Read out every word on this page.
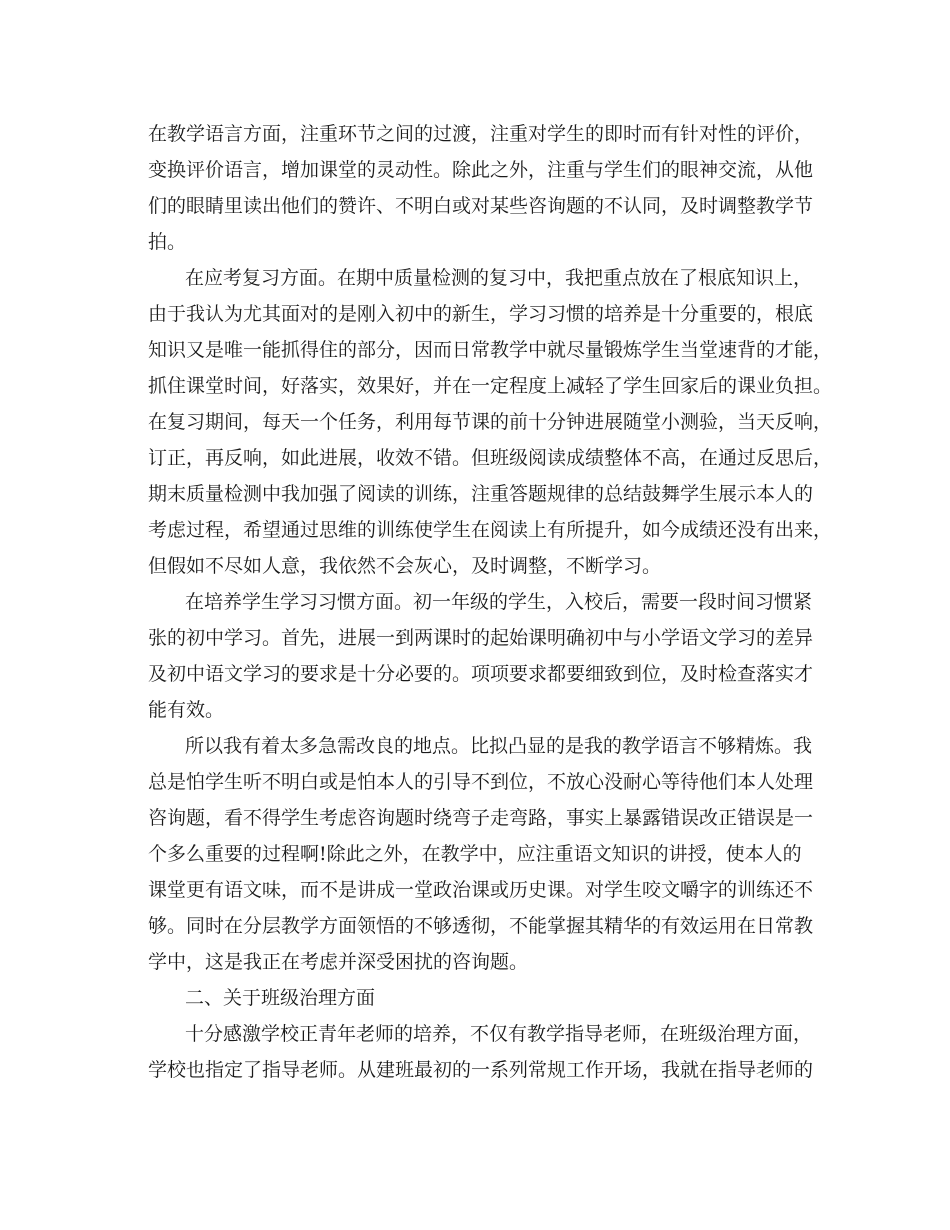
在教学语言方面，注重环节之间的过渡，注重对学生的即时而有针对性的评价，
变换评价语言，增加课堂的灵动性。除此之外，注重与学生们的眼神交流，从他
们的眼睛里读出他们的赞许、不明白或对某些咨询题的不认同，及时调整教学节
拍。
在应考复习方面。在期中质量检测的复习中，我把重点放在了根底知识上，
由于我认为尤其面对的是刚入初中的新生，学习习惯的培养是十分重要的，根底
知识又是唯一能抓得住的部分，因而日常教学中就尽量锻炼学生当堂速背的才能，
抓住课堂时间，好落实，效果好，并在一定程度上减轻了学生回家后的课业负担。
在复习期间，每天一个任务，利用每节课的前十分钟进展随堂小测验，当天反响，
订正，再反响，如此进展，收效不错。但班级阅读成绩整体不高，在通过反思后，
期末质量检测中我加强了阅读的训练，注重答题规律的总结鼓舞学生展示本人的
考虑过程，希望通过思维的训练使学生在阅读上有所提升，如今成绩还没有出来，
但假如不尽如人意，我依然不会灰心，及时调整，不断学习。
在培养学生学习习惯方面。初一年级的学生，入校后，需要一段时间习惯紧
张的初中学习。首先，进展一到两课时的起始课明确初中与小学语文学习的差异
及初中语文学习的要求是十分必要的。项项要求都要细致到位，及时检查落实才
能有效。
所以我有着太多急需改良的地点。比拟凸显的是我的教学语言不够精炼。我
总是怕学生听不明白或是怕本人的引导不到位，不放心没耐心等待他们本人处理
咨询题，看不得学生考虑咨询题时绕弯子走弯路，事实上暴露错误改正错误是一
个多么重要的过程啊!除此之外，在教学中，应注重语文知识的讲授，使本人的
课堂更有语文味，而不是讲成一堂政治课或历史课。对学生咬文嚼字的训练还不
够。同时在分层教学方面领悟的不够透彻，不能掌握其精华的有效运用在日常教
学中，这是我正在考虑并深受困扰的咨询题。
二、关于班级治理方面
十分感激学校正青年老师的培养，不仅有教学指导老师，在班级治理方面，
学校也指定了指导老师。从建班最初的一系列常规工作开场，我就在指导老师的
